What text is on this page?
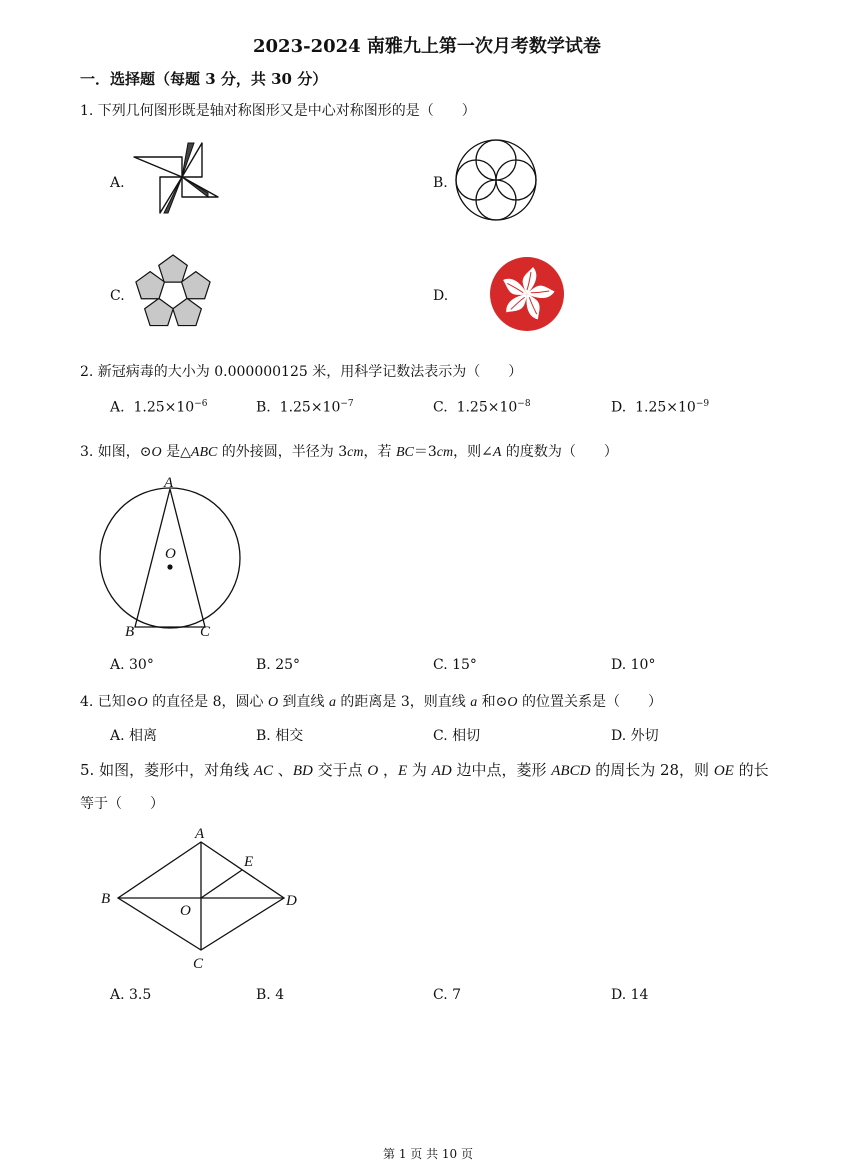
2023-2024 南雅九上第一次月考数学试卷
一．选择题（每题 3 分，共 30 分）
1. 下列几何图形既是轴对称图形又是中心对称图形的是（　　）
A.	B.
C.	D.
2. 新冠病毒的大小为 0.000000125 米，用科学记数法表示为（　　）
A. $1.25\times 10^{-6}$	B. $1.25\times 10^{-7}$	C. $1.25\times 10^{-8}$	D. $1.25\times 10^{-9}$
3. 如图，⊙O 是△ABC 的外接圆，半径为 3cm，若 BC＝3cm，则∠A 的度数为（　　）
A
O
B	C
A. 30°	B. 25°	C. 15°	D. 10°
4. 已知⊙O 的直径是 8，圆心 O 到直线 a 的距离是 3，则直线 a 和⊙O 的位置关系是（　　）
A. 相离	B. 相交	C. 相切	D. 外切
5. 如图，菱形中，对角线 AC 、BD 交于点 O ，E 为 AD 边中点，菱形 ABCD 的周长为 28，则 OE 的长
等于（　　）
A
B
C
D
E
O
A. 3.5	B. 4	C. 7	D. 14
第 1 页 共 10 页
